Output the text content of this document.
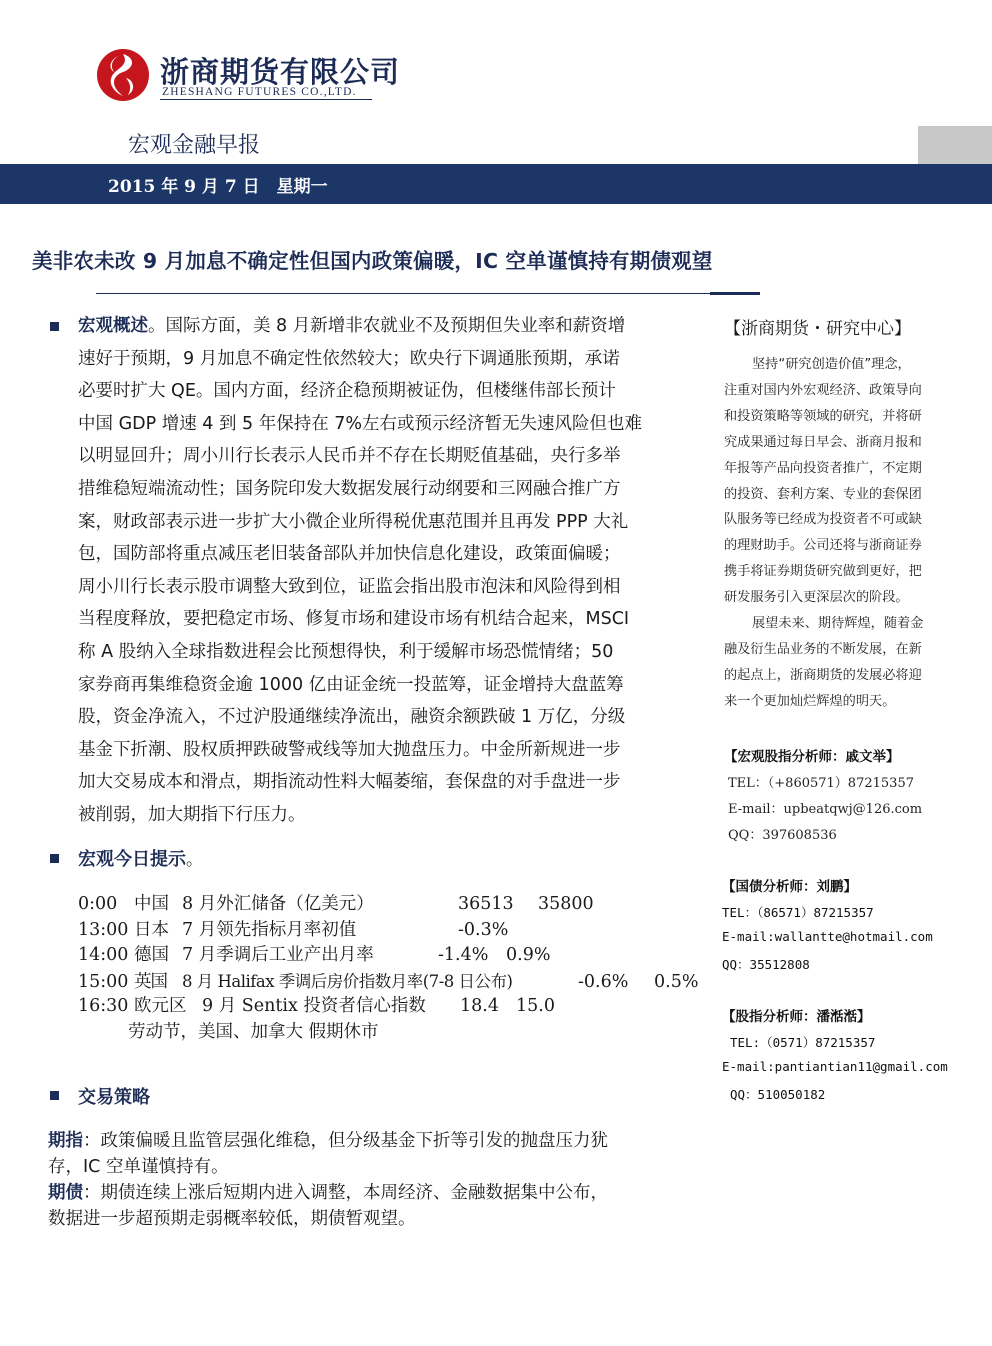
浙商期货有限公司
ZHESHANG FUTURES CO.,LTD.
宏观金融早报
2015 年 9 月 7 日　星期一
美非农未改 9 月加息不确定性但国内政策偏暖，IC 空单谨慎持有期债观望
宏观概述。国际方面，美 8 月新增非农就业不及预期但失业率和薪资增
速好于预期，9 月加息不确定性依然较大；欧央行下调通胀预期，承诺
必要时扩大 QE。国内方面，经济企稳预期被证伪，但楼继伟部长预计
中国 GDP 增速 4 到 5 年保持在 7%左右或预示经济暂无失速风险但也难
以明显回升；周小川行长表示人民币并不存在长期贬值基础，央行多举
措维稳短端流动性；国务院印发大数据发展行动纲要和三网融合推广方
案，财政部表示进一步扩大小微企业所得税优惠范围并且再发 PPP 大礼
包，国防部将重点减压老旧装备部队并加快信息化建设，政策面偏暖；
周小川行长表示股市调整大致到位，证监会指出股市泡沫和风险得到相
当程度释放，要把稳定市场、修复市场和建设市场有机结合起来，MSCI
称 A 股纳入全球指数进程会比预想得快，利于缓解市场恐慌情绪；50
家券商再集维稳资金逾 1000 亿由证金统一投蓝筹，证金增持大盘蓝筹
股，资金净流入，不过沪股通继续净流出，融资余额跌破 1 万亿，分级
基金下折潮、股权质押跌破警戒线等加大抛盘压力。中金所新规进一步
加大交易成本和滑点，期指流动性料大幅萎缩，套保盘的对手盘进一步
被削弱，加大期指下行压力。
宏观今日提示。
0:00 中国 8 月外汇储备（亿美元）	36513 35800
13:00 日本 7 月领先指标月率初值	-0.3%
14:00 德国 7 月季调后工业产出月率	-1.4% 0.9%
15:00 英国 8 月 Halifax 季调后房价指数月率(7-8 日公布)	-0.6% 0.5%
16:30 欧元区 9 月 Sentix 投资者信心指数 18.4 15.0
劳动节，美国、加拿大 假期休市
交易策略
期指：政策偏暖且监管层强化维稳，但分级基金下折等引发的抛盘压力犹
存，IC 空单谨慎持有。
期债：期债连续上涨后短期内进入调整，本周经济、金融数据集中公布，
数据进一步超预期走弱概率较低，期债暂观望。
【浙商期货・研究中心】
坚持“研究创造价值”理念，
注重对国内外宏观经济、政策导向
和投资策略等领域的研究，并将研
究成果通过每日早会、浙商月报和
年报等产品向投资者推广，不定期
的投资、套利方案、专业的套保团
队服务等已经成为投资者不可或缺
的理财助手。公司还将与浙商证券
携手将证券期货研究做到更好，把
研发服务引入更深层次的阶段。
展望未来、期待辉煌，随着金
融及衍生品业务的不断发展，在新
的起点上，浙商期货的发展必将迎
来一个更加灿烂辉煌的明天。
【宏观股指分析师：戚文举】
TEL：（+860571）87215357
E-mail：upbeatqwj@126.com
QQ：397608536
【国债分析师：刘鹏】
TEL：（86571）87215357
E-mail:wallantte@hotmail.com
QQ：35512808
【股指分析师：潘湉湉】
TEL:（0571）87215357
E-mail:pantiantian11@gmail.com
QQ：510050182
